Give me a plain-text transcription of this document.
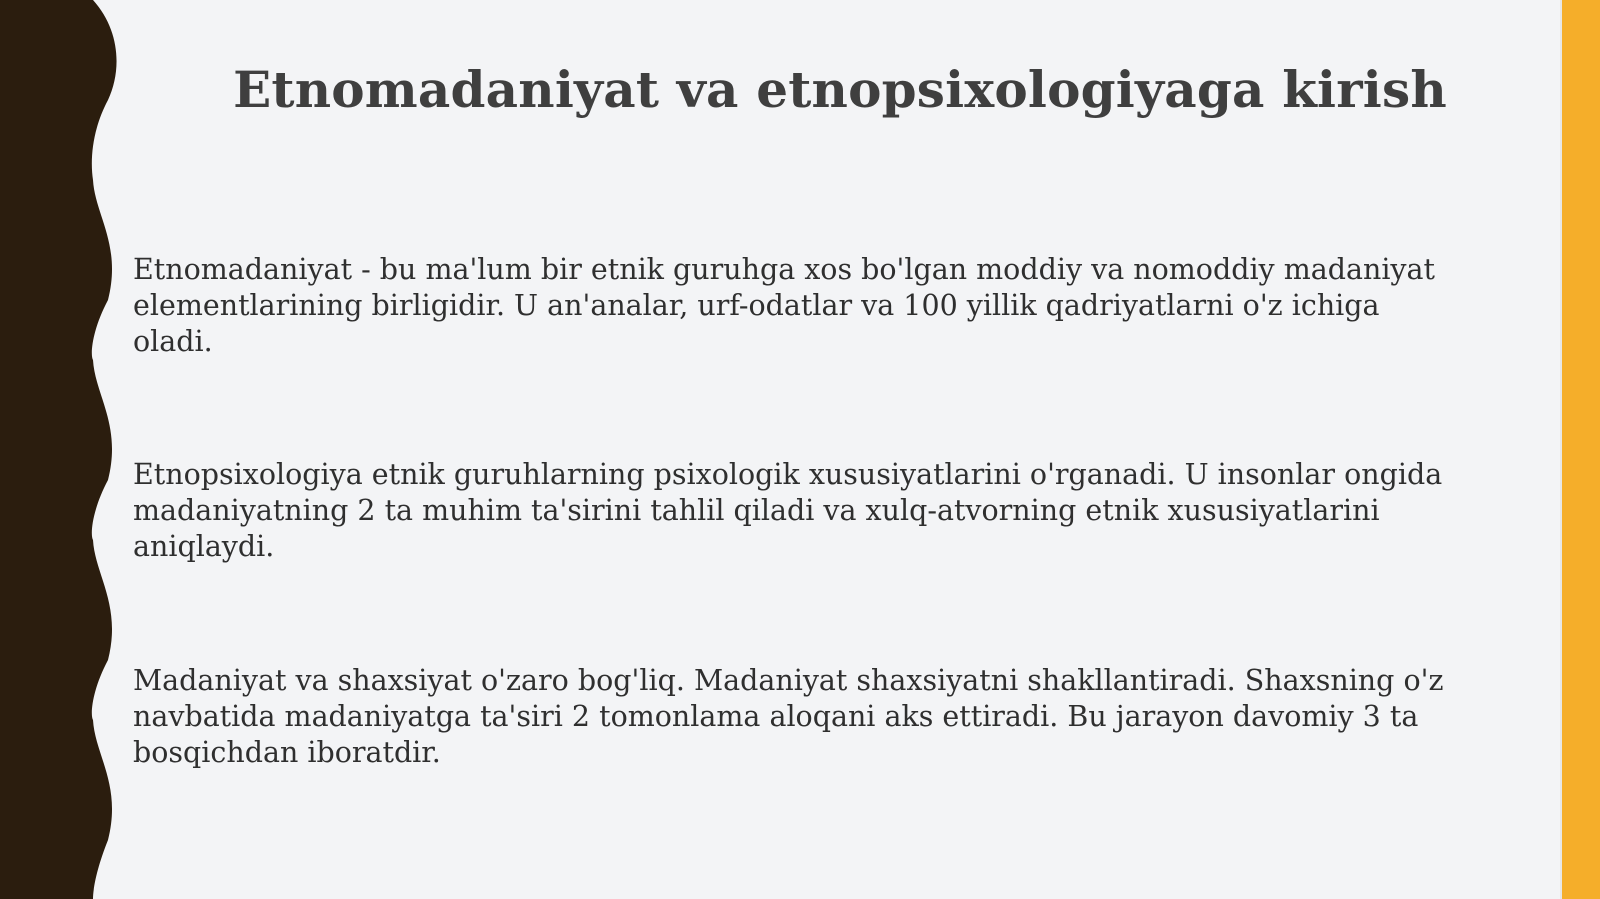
Etnomadaniyat va etnopsixologiyaga kirish

Etnomadaniyat - bu ma'lum bir etnik guruhga xos bo'lgan moddiy va nomoddiy madaniyat elementlarining birligidir. U an'analar, urf-odatlar va 100 yillik qadriyatlarni o'z ichiga oladi.

Etnopsixologiya etnik guruhlarning psixologik xususiyatlarini o'rganadi. U insonlar ongida madaniyatning 2 ta muhim ta'sirini tahlil qiladi va xulq-atvorning etnik xususiyatlarini aniqlaydi.

Madaniyat va shaxsiyat o'zaro bog'liq. Madaniyat shaxsiyatni shakllantiradi. Shaxsning o'z navbatida madaniyatga ta'siri 2 tomonlama aloqani aks ettiradi. Bu jarayon davomiy 3 ta bosqichdan iboratdir.
